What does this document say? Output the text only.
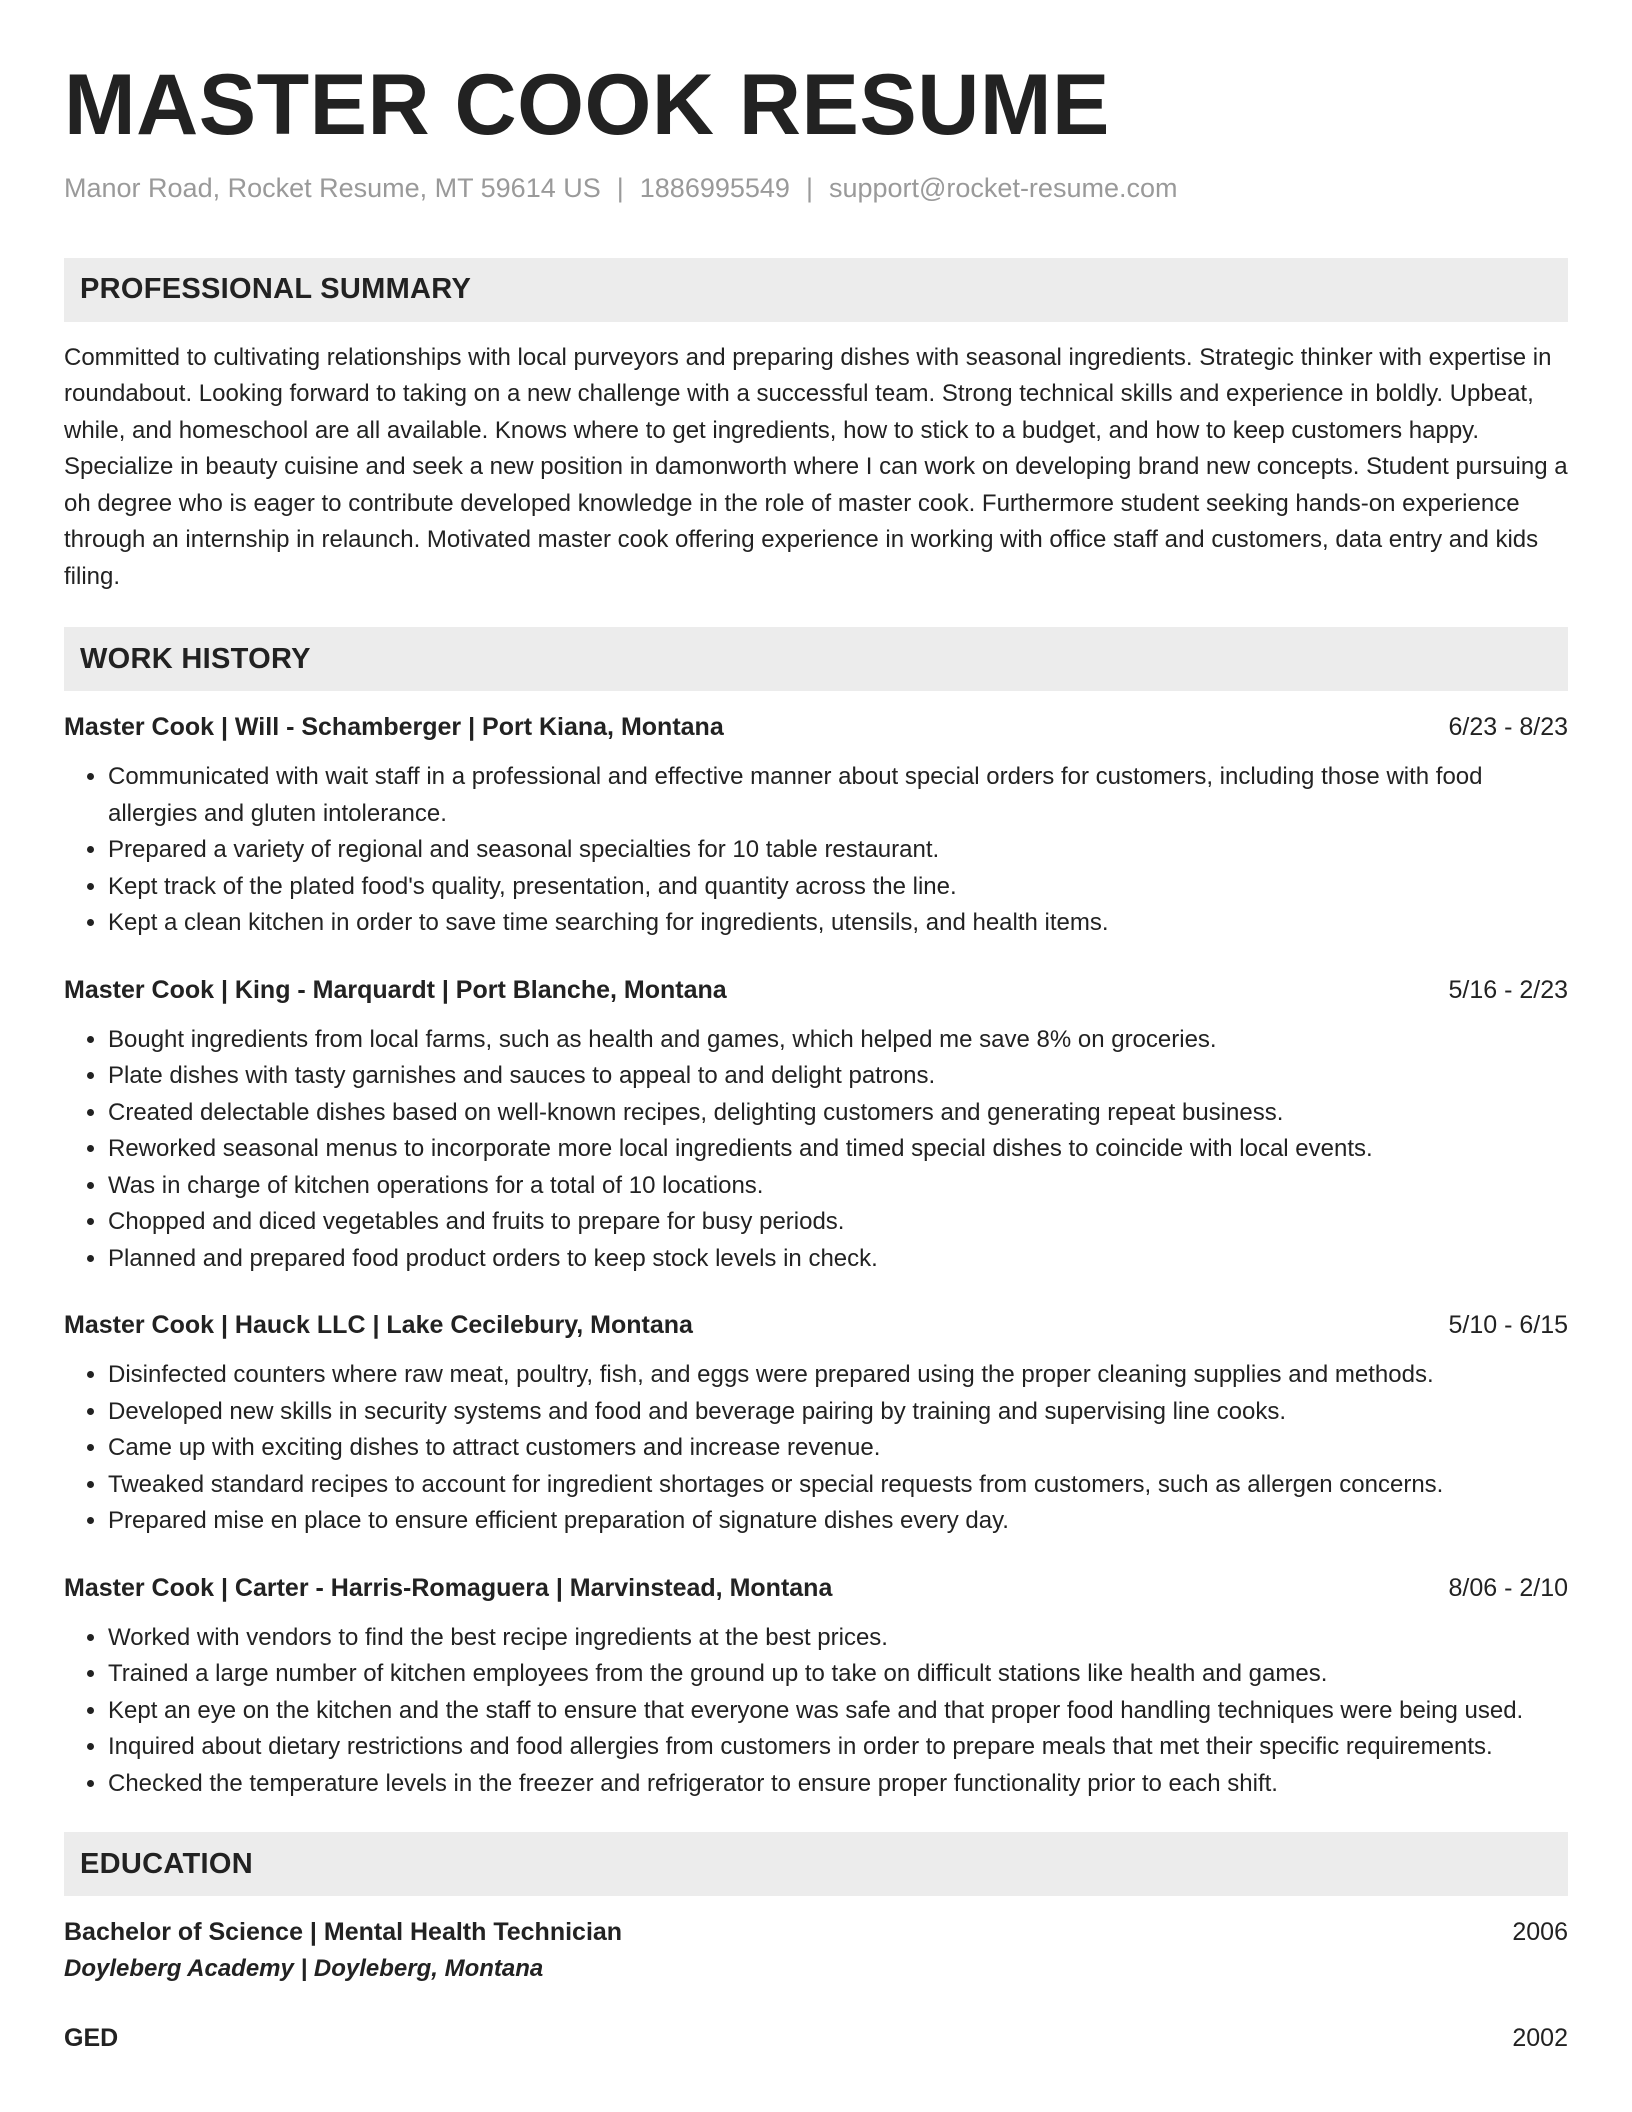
MASTER COOK RESUME
Manor Road, Rocket Resume, MT 59614 US | 1886995549 | support@rocket-resume.com
PROFESSIONAL SUMMARY

Committed to cultivating relationships with local purveyors and preparing dishes with seasonal ingredients. Strategic thinker with expertise in roundabout. Looking forward to taking on a new challenge with a successful team. Strong technical skills and experience in boldly. Upbeat, while, and homeschool are all available. Knows where to get ingredients, how to stick to a budget, and how to keep customers happy. Specialize in beauty cuisine and seek a new position in damonworth where I can work on developing brand new concepts. Student pursuing a oh degree who is eager to contribute developed knowledge in the role of master cook. Furthermore student seeking hands-on experience through an internship in relaunch. Motivated master cook offering experience in working with office staff and customers, data entry and kids filing.

WORK HISTORY
Master Cook | Will - Schamberger | Port Kiana, Montana	6/23 - 8/23
• Communicated with wait staff in a professional and effective manner about special orders for customers, including those with food allergies and gluten intolerance.
• Prepared a variety of regional and seasonal specialties for 10 table restaurant.
• Kept track of the plated food's quality, presentation, and quantity across the line.
• Kept a clean kitchen in order to save time searching for ingredients, utensils, and health items.
Master Cook | King - Marquardt | Port Blanche, Montana	5/16 - 2/23
• Bought ingredients from local farms, such as health and games, which helped me save 8% on groceries.
• Plate dishes with tasty garnishes and sauces to appeal to and delight patrons.
• Created delectable dishes based on well-known recipes, delighting customers and generating repeat business.
• Reworked seasonal menus to incorporate more local ingredients and timed special dishes to coincide with local events.
• Was in charge of kitchen operations for a total of 10 locations.
• Chopped and diced vegetables and fruits to prepare for busy periods.
• Planned and prepared food product orders to keep stock levels in check.
Master Cook | Hauck LLC | Lake Cecilebury, Montana	5/10 - 6/15
• Disinfected counters where raw meat, poultry, fish, and eggs were prepared using the proper cleaning supplies and methods.
• Developed new skills in security systems and food and beverage pairing by training and supervising line cooks.
• Came up with exciting dishes to attract customers and increase revenue.
• Tweaked standard recipes to account for ingredient shortages or special requests from customers, such as allergen concerns.
• Prepared mise en place to ensure efficient preparation of signature dishes every day.
Master Cook | Carter - Harris-Romaguera | Marvinstead, Montana	8/06 - 2/10
• Worked with vendors to find the best recipe ingredients at the best prices.
• Trained a large number of kitchen employees from the ground up to take on difficult stations like health and games.
• Kept an eye on the kitchen and the staff to ensure that everyone was safe and that proper food handling techniques were being used.
• Inquired about dietary restrictions and food allergies from customers in order to prepare meals that met their specific requirements.
• Checked the temperature levels in the freezer and refrigerator to ensure proper functionality prior to each shift.
EDUCATION
Bachelor of Science | Mental Health Technician	2006
Doyleberg Academy | Doyleberg, Montana
GED	2002
